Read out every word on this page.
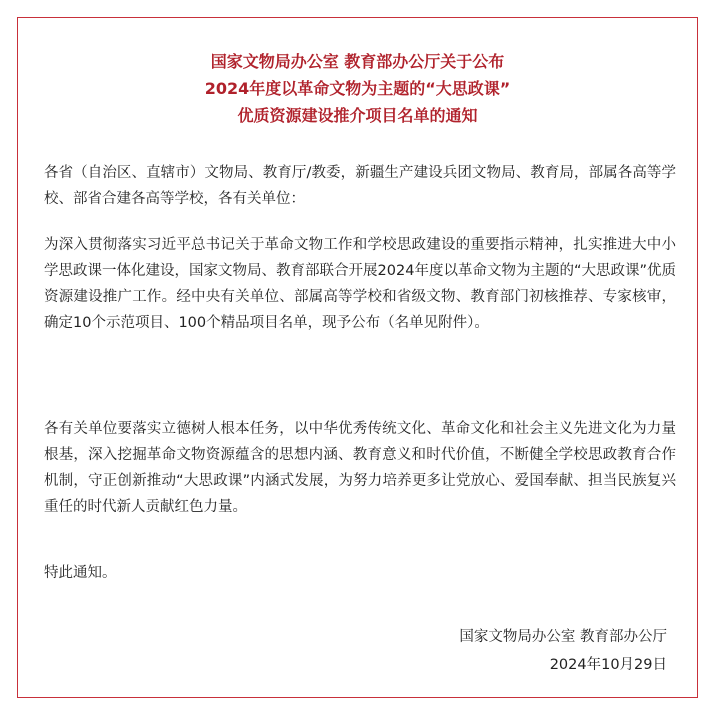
国家文物局办公室 教育部办公厅关于公布
2024年度以革命文物为主题的“大思政课”
优质资源建设推介项目名单的通知
各省（自治区、直辖市）文物局、教育厅/教委，新疆生产建设兵团文物局、教育局，部属各高等学校、部省合建各高等学校，各有关单位：
为深入贯彻落实习近平总书记关于革命文物工作和学校思政建设的重要指示精神，扎实推进大中小学思政课一体化建设，国家文物局、教育部联合开展2024年度以革命文物为主题的“大思政课”优质资源建设推广工作。经中央有关单位、部属高等学校和省级文物、教育部门初核推荐、专家核审，确定10个示范项目、100个精品项目名单，现予公布（名单见附件）。
各有关单位要落实立德树人根本任务，以中华优秀传统文化、革命文化和社会主义先进文化为力量根基，深入挖掘革命文物资源蕴含的思想内涵、教育意义和时代价值，不断健全学校思政教育合作机制，守正创新推动“大思政课”内涵式发展，为努力培养更多让党放心、爱国奉献、担当民族复兴重任的时代新人贡献红色力量。
特此通知。
国家文物局办公室 教育部办公厅
2024年10月29日
